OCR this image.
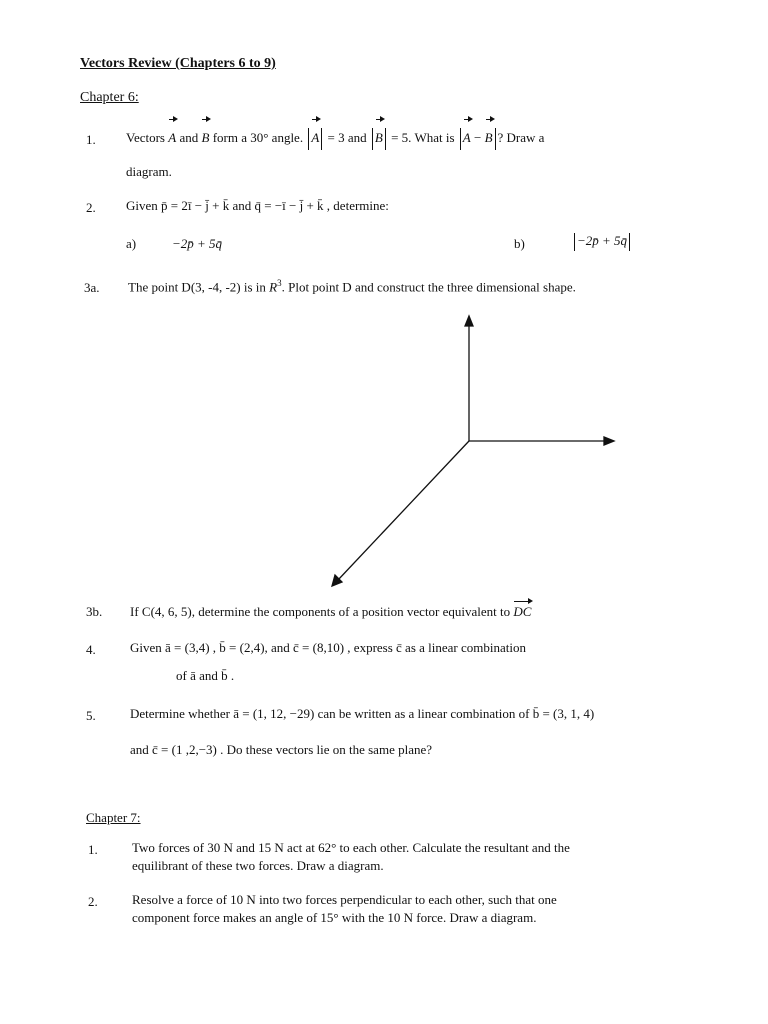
Vectors Review (Chapters 6 to 9)
Chapter 6:
1. Vectors A and B form a 30° angle. A = 3 and B = 5. What is A − B ? Draw a
diagram.
2. Given p̄ = 2ī − j̄ + k̄ and q̄ = −ī − j̄ + k̄ , determine:
a)	−2p̄ + 5q̄	b)	−2p̄ + 5q̄
3a. The point D(3, -4, -2) is in $R^3$. Plot point D and construct the three dimensional shape.
3b. If C(4, 6, 5), determine the components of a position vector equivalent to DC
4.	Given ā = (3,4) , b̄ = (2,4), and c̄ = (8,10) , express c̄ as a linear combination
of ā and b̄ .
5.	Determine whether ā = (1, 12, −29) can be written as a linear combination of b̄ = (3, 1, 4)
and c̄ = (1 ,2,−3) . Do these vectors lie on the same plane?
Chapter 7:
1.	Two forces of 30 N and 15 N act at 62° to each other. Calculate the resultant and the
equilibrant of these two forces. Draw a diagram.
2.	Resolve a force of 10 N into two forces perpendicular to each other, such that one
component force makes an angle of 15° with the 10 N force. Draw a diagram.
